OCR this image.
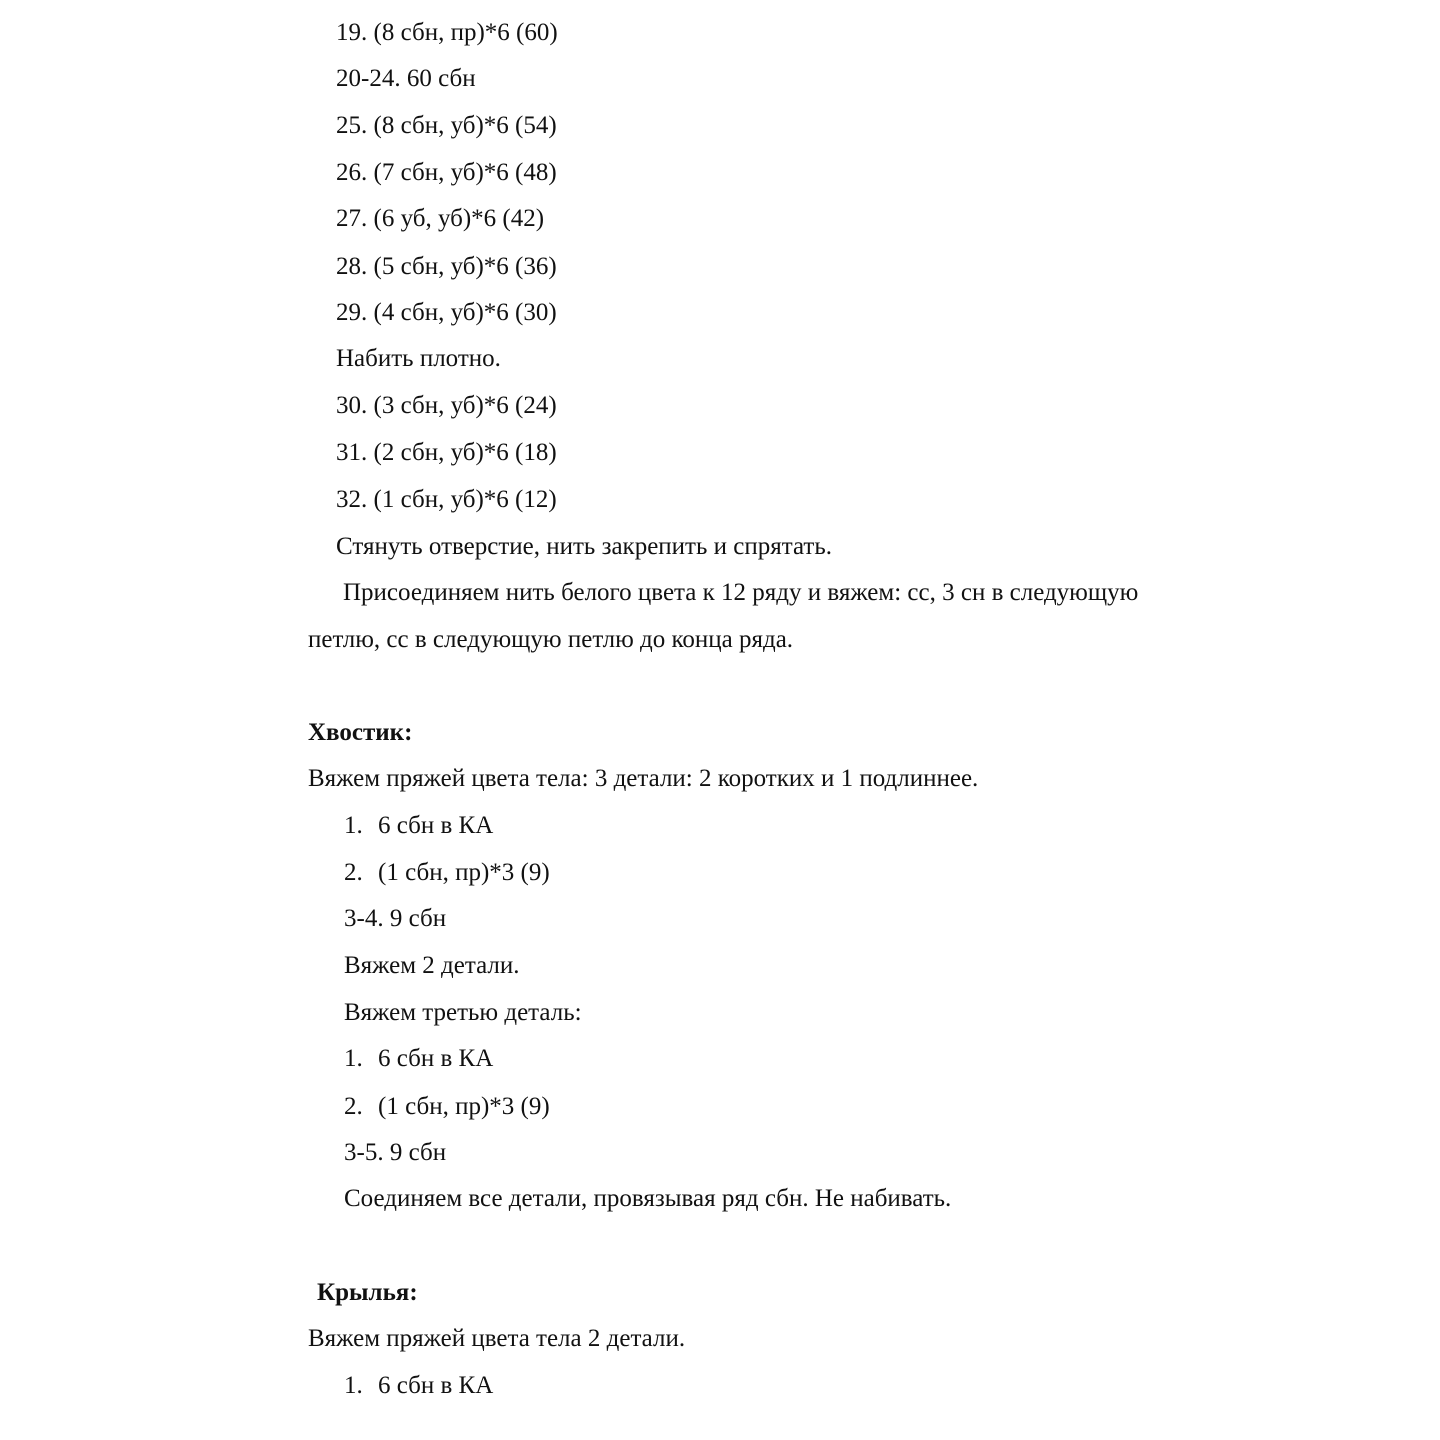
19. (8 сбн, пр)*6 (60)
20-24. 60 сбн
25. (8 сбн, уб)*6 (54)
26. (7 сбн, уб)*6 (48)
27. (6 уб, уб)*6 (42)
28. (5 сбн, уб)*6 (36)
29. (4 сбн, уб)*6 (30)
Набить плотно.
30. (3 сбн, уб)*6 (24)
31. (2 сбн, уб)*6 (18)
32. (1 сбн, уб)*6 (12)
Стянуть отверстие, нить закрепить и спрятать.
Присоединяем нить белого цвета к 12 ряду и вяжем: сс, 3 сн в следующую
петлю, сс в следующую петлю до конца ряда.
Хвостик:
Вяжем пряжей цвета тела: 3 детали: 2 коротких и 1 подлиннее.
1. 6 сбн в КА
2. (1 сбн, пр)*3 (9)
3-4. 9 сбн
Вяжем 2 детали.
Вяжем третью деталь:
1. 6 сбн в КА
2. (1 сбн, пр)*3 (9)
3-5. 9 сбн
Соединяем все детали, провязывая ряд сбн. Не набивать.
Крылья:
Вяжем пряжей цвета тела 2 детали.
1. 6 сбн в КА
